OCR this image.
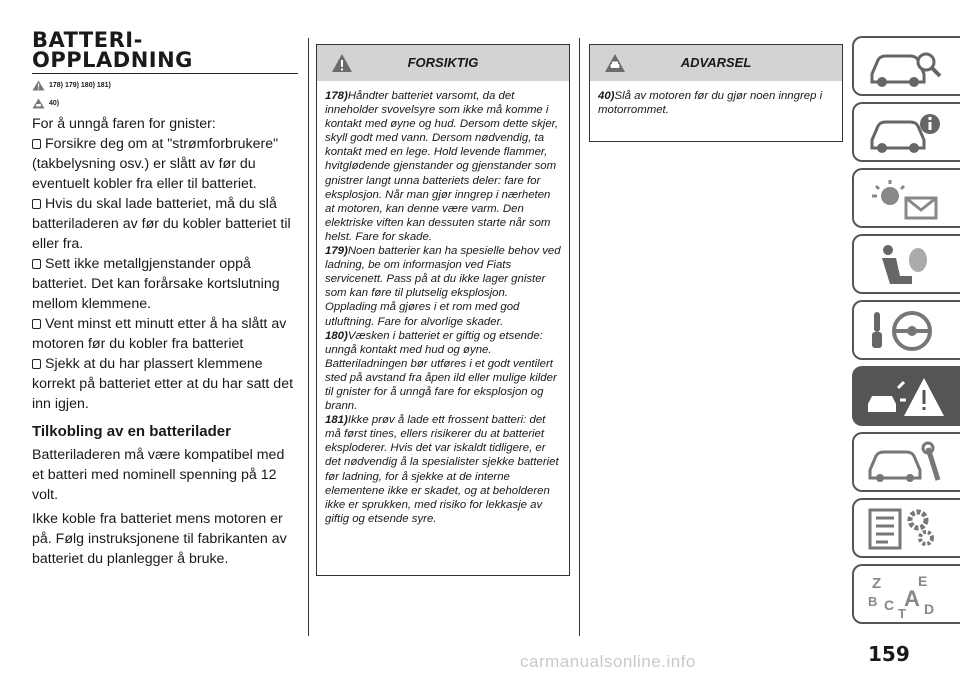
BATTERI-
OPPLADNING
178) 179) 180) 181)
40)

For å unngå faren for gnister:

Forsikre deg om at "strømforbrukere" (takbelysning osv.) er slått av før du eventuelt kobler fra eller til batteriet.

Hvis du skal lade batteriet, må du slå batteriladeren av før du kobler batteriet til eller fra.

Sett ikke metallgjenstander oppå batteriet. Det kan forårsake kortslutning mellom klemmene.

Vent minst ett minutt etter å ha slått av motoren før du kobler fra batteriet

Sjekk at du har plassert klemmene korrekt på batteriet etter at du har satt det inn igjen.

Tilkobling av en batterilader

Batteriladeren må være kompatibel med et batteri med nominell spenning på 12 volt.

Ikke koble fra batteriet mens motoren er på. Følg instruksjonene til fabrikanten av batteriet du planlegger å bruke.

FORSIKTIG

178)Håndter batteriet varsomt, da det inneholder svovelsyre som ikke må komme i kontakt med øyne og hud. Dersom dette skjer, skyll godt med vann. Dersom nødvendig, ta kontakt med en lege. Hold levende flammer, hvitglødende gjenstander og gjenstander som gnistrer langt unna batteriets deler: fare for eksplosjon. Når man gjør inngrep i nærheten at motoren, kan denne være varm. Den elektriske viften kan dessuten starte når som helst. Fare for skade.

179)Noen batterier kan ha spesielle behov ved ladning, be om informasjon ved Fiats servicenett. Pass på at du ikke lager gnister som kan føre til plutselig eksplosjon. Opplading må gjøres i et rom med god utluftning. Fare for alvorlige skader.

180)Væsken i batteriet er giftig og etsende: unngå kontakt med hud og øyne. Batteriladningen bør utføres i et godt ventilert sted på avstand fra åpen ild eller mulige kilder til gnister for å unngå fare for eksplosjon og brann.

181)Ikke prøv å lade ett frossent batteri: det må først tines, ellers risikerer du at batteriet eksploderer. Hvis det var iskaldt tidligere, er det nødvendig å la spesialister sjekke batteriet før ladning, for å sjekke at de interne elementene ikke er skadet, og at beholderen ikke er sprukken, med risiko for lekkasje av giftig og etsende syre.

ADVARSEL

40)Slå av motoren før du gjør noen inngrep i motorrommet.

Z	E
B C A D
T
159
carmanualsonline.info
